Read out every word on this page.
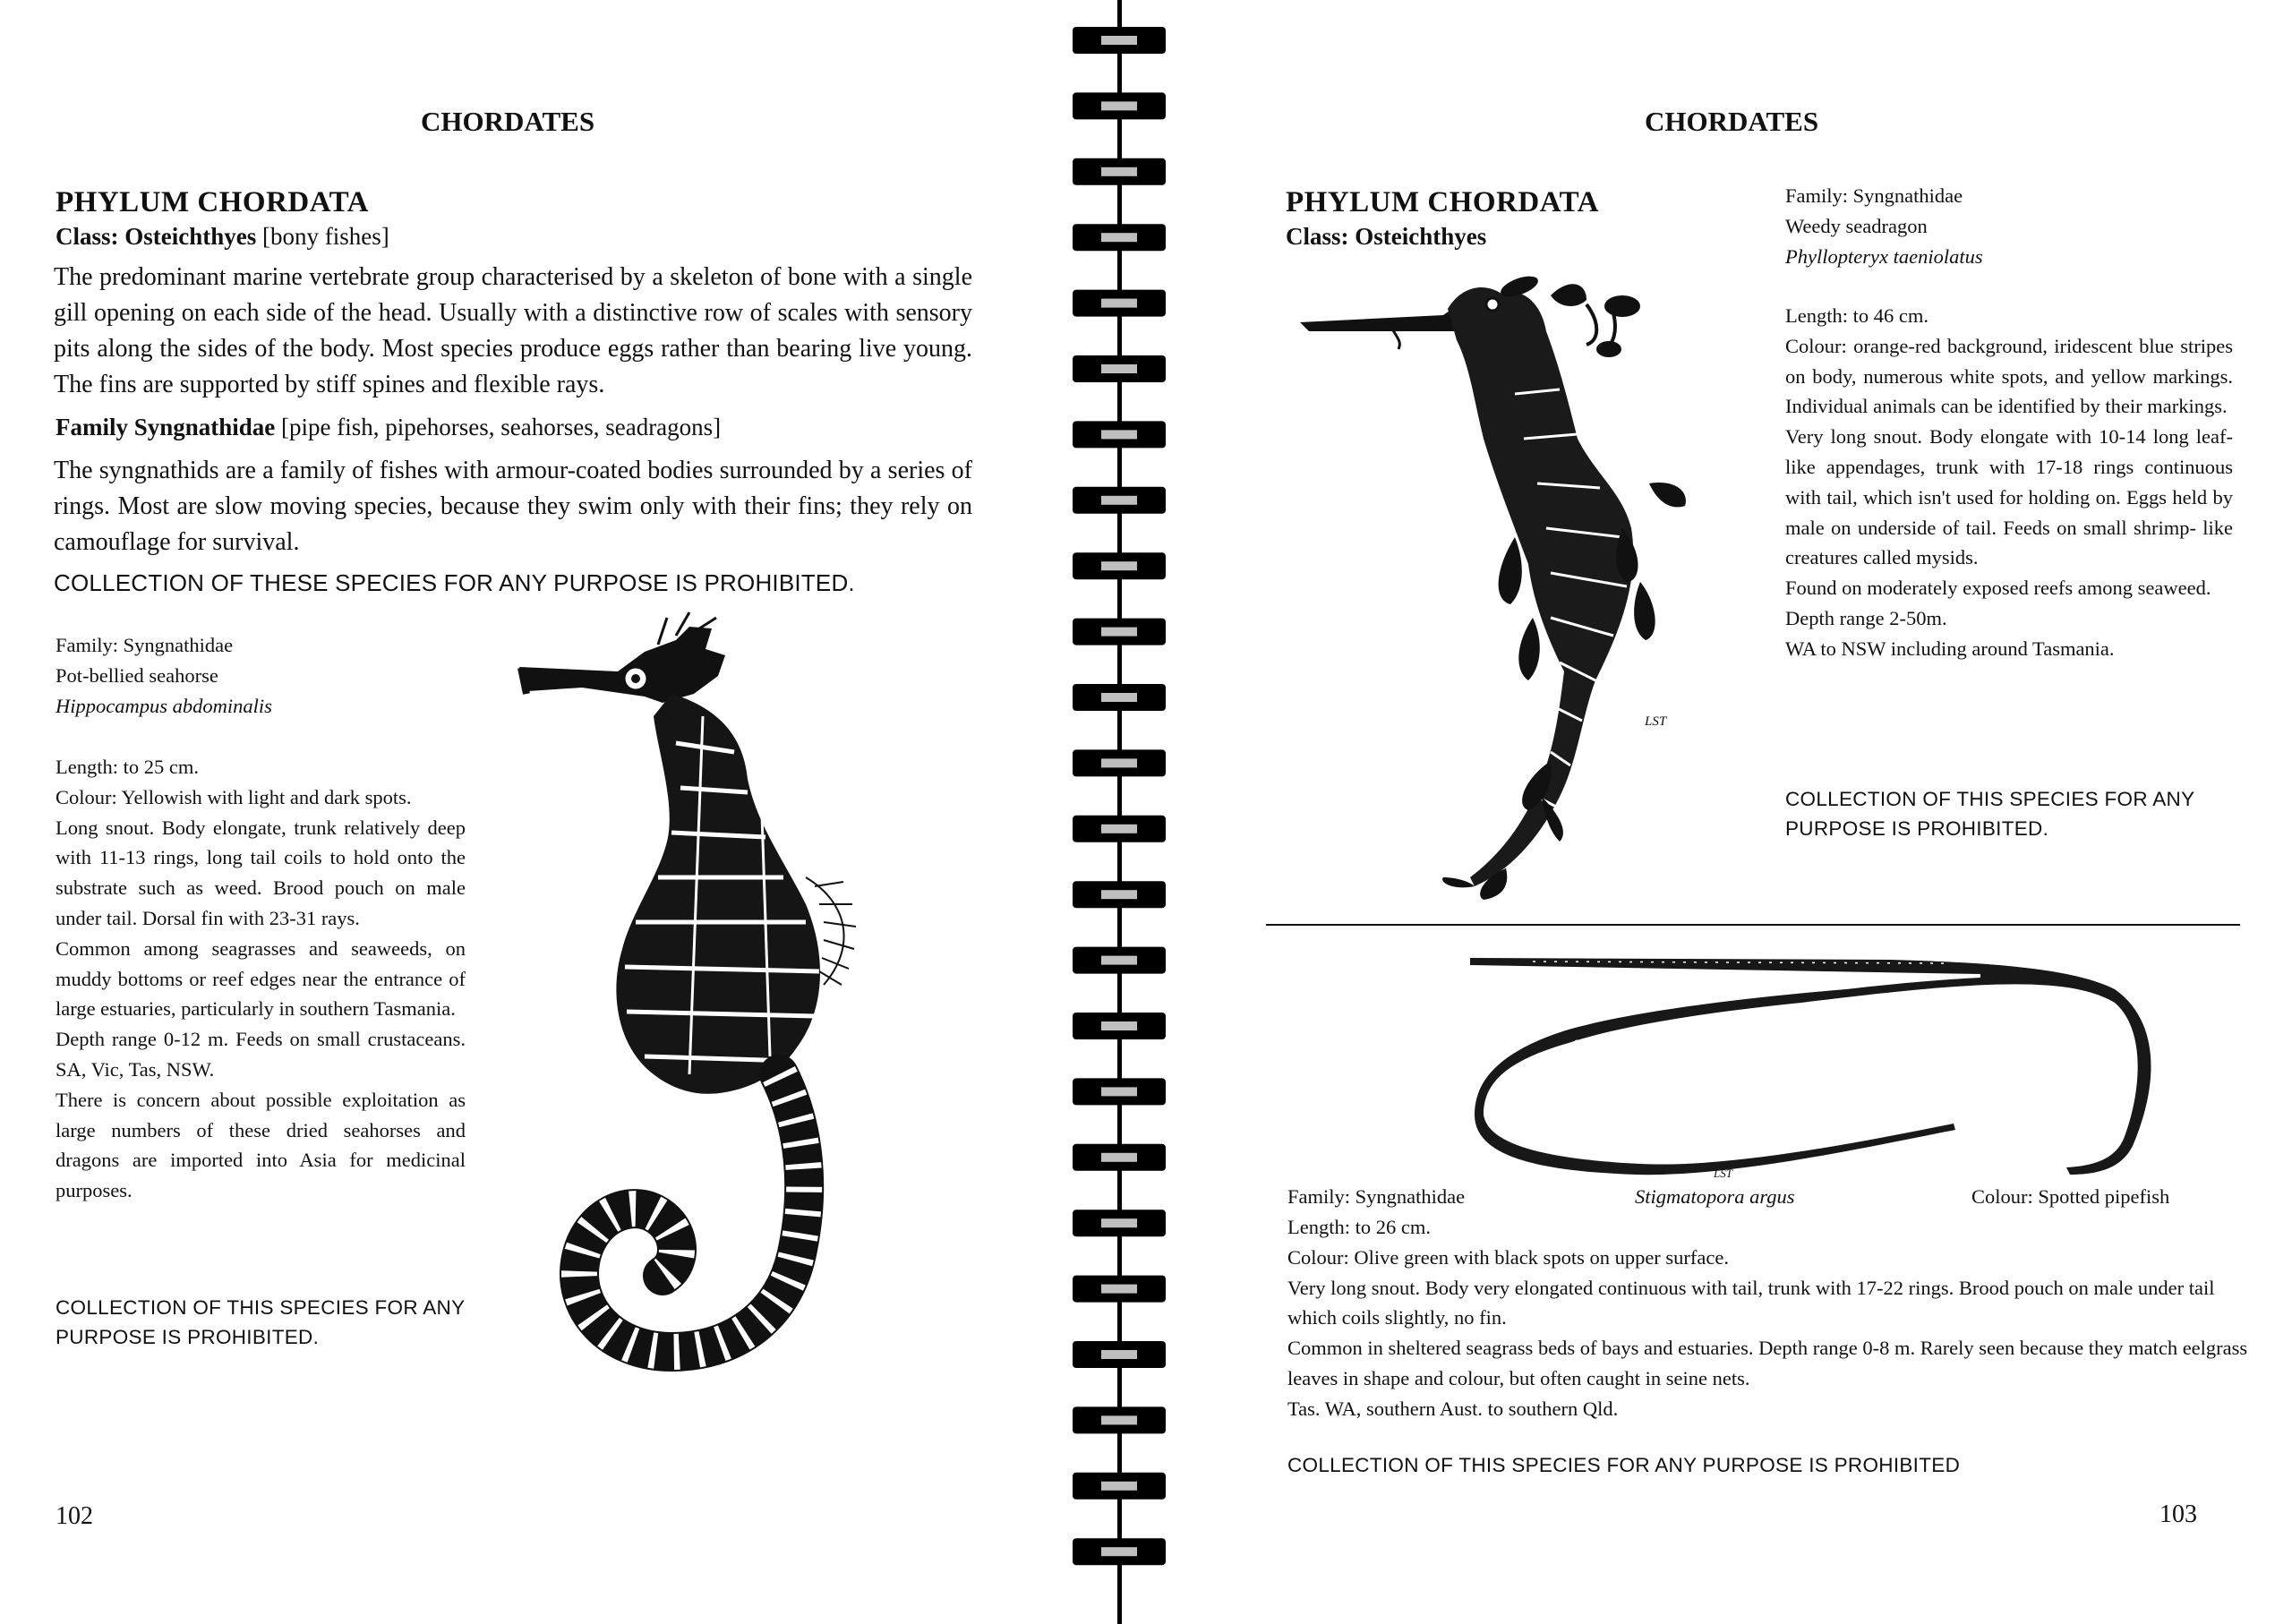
CHORDATES
PHYLUM CHORDATA
Class: Osteichthyes [bony fishes]

The predominant marine vertebrate group characterised by a skeleton of bone with a single gill opening on each side of the head. Usually with a distinctive row of scales with sensory pits along the sides of the body. Most species produce eggs rather than bearing live young. The fins are supported by stiff spines and flexible rays.

Family Syngnathidae [pipe fish, pipehorses, seahorses, seadragons]

The syngnathids are a family of fishes with armour-coated bodies surrounded by a series of rings. Most are slow moving species, because they swim only with their fins; they rely on camouflage for survival.

COLLECTION OF THESE SPECIES FOR ANY PURPOSE IS PROHIBITED.
Family: Syngnathidae
Pot-bellied seahorse
Hippocampus abdominalis

Length: to 25 cm.
Colour: Yellowish with light and dark spots.
Long snout. Body elongate, trunk relatively deep with 11-13 rings, long tail coils to hold onto the substrate such as weed. Brood pouch on male under tail. Dorsal fin with 23-31 rays.
Common among seagrasses and seaweeds, on muddy bottoms or reef edges near the entrance of large estuaries, particularly in southern Tasmania.
Depth range 0-12 m. Feeds on small crustaceans. SA, Vic, Tas, NSW.
There is concern about possible exploitation as large numbers of these dried seahorses and dragons are imported into Asia for medicinal purposes.

COLLECTION OF THIS SPECIES FOR ANY PURPOSE IS PROHIBITED.

102
CHORDATES
PHYLUM CHORDATA
Class: Osteichthyes
Family: Syngnathidae
Weedy seadragon
Phyllopteryx taeniolatus

Length: to 46 cm.
Colour: orange-red background, iridescent blue stripes on body, numerous white spots, and yellow markings. Individual animals can be identified by their markings.
Very long snout. Body elongate with 10-14 long leaf-like appendages, trunk with 17-18 rings continuous with tail, which isn't used for holding on. Eggs held by male on underside of tail. Feeds on small shrimp- like creatures called mysids.
Found on moderately exposed reefs among seaweed.
Depth range 2-50m.
WA to NSW including around Tasmania.

COLLECTION OF THIS SPECIES FOR ANY PURPOSE IS PROHIBITED.

LST
LST
Family: Syngnathidae	Stigmatopora argus	Colour: Spotted pipefish

Length: to 26 cm.
Colour: Olive green with black spots on upper surface.
Very long snout. Body very elongated continuous with tail, trunk with 17-22 rings. Brood pouch on male under tail which coils slightly, no fin.
Common in sheltered seagrass beds of bays and estuaries. Depth range 0-8 m. Rarely seen because they match eelgrass leaves in shape and colour, but often caught in seine nets.
Tas. WA, southern Aust. to southern Qld.

COLLECTION OF THIS SPECIES FOR ANY PURPOSE IS PROHIBITED

103
